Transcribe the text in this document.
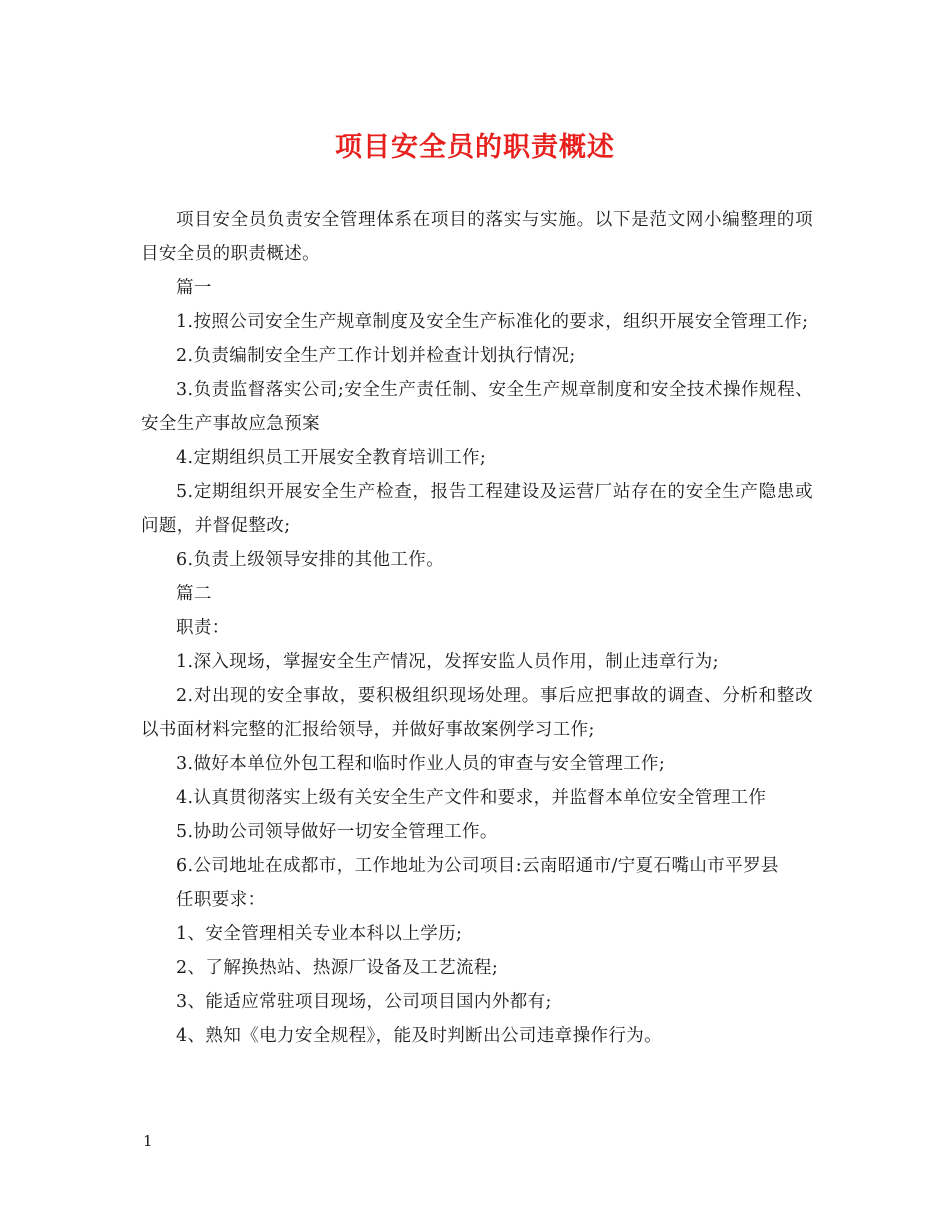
项目安全员的职责概述

项目安全员负责安全管理体系在项目的落实与实施。以下是范文网小编整理的项目安全员的职责概述。

篇一

1.按照公司安全生产规章制度及安全生产标准化的要求，组织开展安全管理工作;

2.负责编制安全生产工作计划并检查计划执行情况;

3.负责监督落实公司;安全生产责任制、安全生产规章制度和安全技术操作规程、安全生产事故应急预案

4.定期组织员工开展安全教育培训工作;

5.定期组织开展安全生产检查，报告工程建设及运营厂站存在的安全生产隐患或问题，并督促整改;

6.负责上级领导安排的其他工作。

篇二

职责：

1.深入现场，掌握安全生产情况，发挥安监人员作用，制止违章行为;

2.对出现的安全事故，要积极组织现场处理。事后应把事故的调查、分析和整改以书面材料完整的汇报给领导，并做好事故案例学习工作;

3.做好本单位外包工程和临时作业人员的审查与安全管理工作;

4.认真贯彻落实上级有关安全生产文件和要求，并监督本单位安全管理工作

5.协助公司领导做好一切安全管理工作。

6.公司地址在成都市，工作地址为公司项目:云南昭通市/宁夏石嘴山市平罗县

任职要求：

1、安全管理相关专业本科以上学历;

2、了解换热站、热源厂设备及工艺流程;

3、能适应常驻项目现场，公司项目国内外都有;

4、熟知《电力安全规程》，能及时判断出公司违章操作行为。

1
